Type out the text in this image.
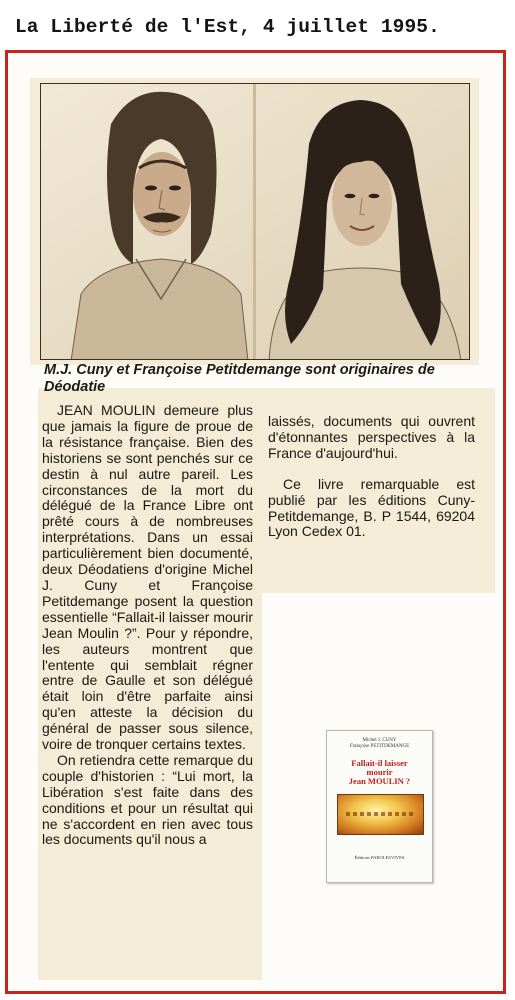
La Liberté de l'Est, 4 juillet 1995.
M.J. Cuny et Françoise Petitdemange sont originaires de Déodatie

JEAN MOULIN demeure plus que jamais la figure de proue de la résistance française. Bien des historiens se sont penchés sur ce destin à nul autre pareil. Les circonstances de la mort du délégué de la France Libre ont prêté cours à de nombreuses interprétations. Dans un essai particulièrement bien documenté, deux Déodatiens d'origine Michel J. Cuny et Françoise Petitdemange posent la question essentielle “Fallait-il laisser mourir Jean Moulin ?”. Pour y répondre, les auteurs montrent que l'entente qui semblait régner entre de Gaulle et son délégué était loin d'être parfaite ainsi qu'en atteste la décision du général de passer sous silence, voire de tronquer certains textes.

On retiendra cette remarque du couple d'historien : “Lui mort, la Libération s'est faite dans des conditions et pour un résultat qui ne s'accordent en rien avec tous les documents qu'il nous a

laissés, documents qui ouvrent d'étonnantes perspectives à la France d'aujourd'hui.

Ce livre remarquable est publié par les éditions Cuny-Petitdemange, B. P 1544, 69204 Lyon Cedex 01.

Michel J. CUNY
Françoise PETITDEMANGE
Fallait-il laisser
mourir
Jean MOULIN ?
Éditions PAROLESVIVES
